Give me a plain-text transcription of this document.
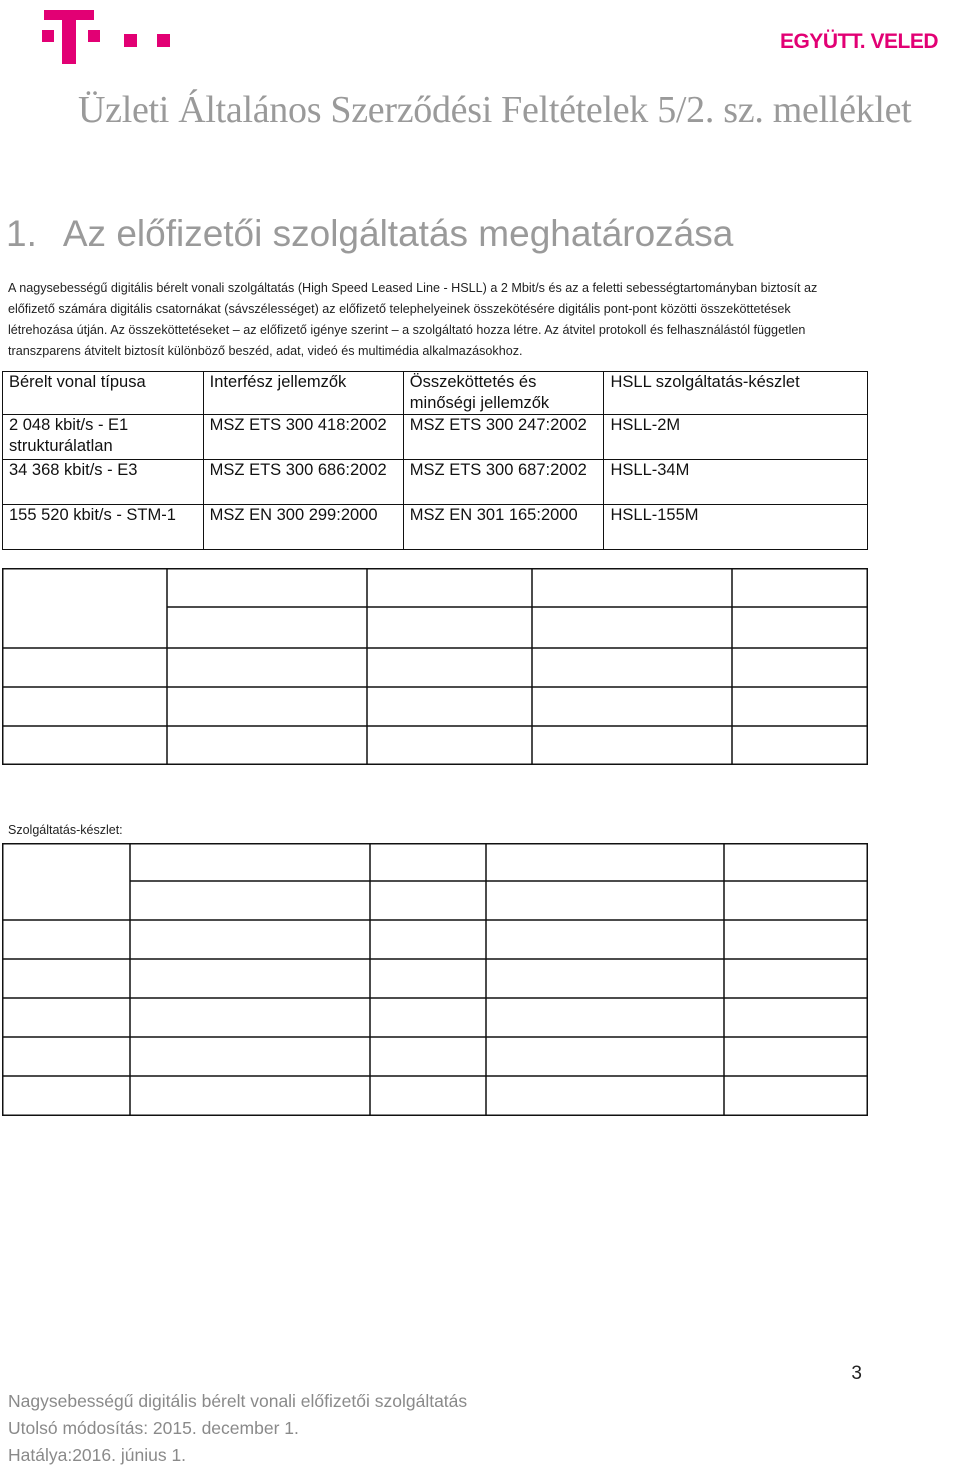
EGYÜTT. VELED
Üzleti Általános Szerződési Feltételek 5/2. sz. melléklet
1. Az előfizetői szolgáltatás meghatározása
A nagysebességű digitális bérelt vonali szolgáltatás (High Speed Leased Line - HSLL) a 2 Mbit/s és az a feletti sebességtartományban biztosít az előfizető számára digitális csatornákat (sávszélességet) az előfizető telephelyeinek összekötésére digitális pont-pont közötti összeköttetések létrehozása útján. Az összeköttetéseket – az előfizető igénye szerint – a szolgáltató hozza létre. Az átvitel protokoll és felhasználástól független transzparens átvitelt biztosít különböző beszéd, adat, videó és multimédia alkalmazásokhoz.
Bérelt vonal típusa	Interfész jellemzők	Összeköttetés és minőségi jellemzők	HSLL szolgáltatás-készlet
2 048 kbit/s - E1 strukturálatlan	MSZ ETS 300 418:2002	MSZ ETS 300 247:2002	HSLL-2M
34 368 kbit/s - E3	MSZ ETS 300 686:2002	MSZ ETS 300 687:2002	HSLL-34M
155 520 kbit/s - STM-1	MSZ EN 300 299:2000	MSZ EN 301 165:2000	HSLL-155M
Szolgáltatás-készlet:
3
Nagysebességű digitális bérelt vonali előfizetői szolgáltatás
Utolsó módosítás: 2015. december 1.
Hatálya:2016. június 1.
